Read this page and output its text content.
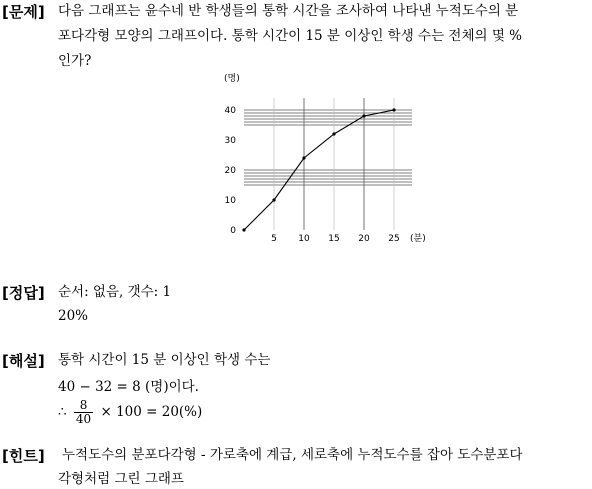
[문제] 다음 그래프는 윤수네 반 학생들의 통학 시간을 조사하여 나타낸 누적도수의 분
포다각형 모양의 그래프이다. 통학 시간이 15 분 이상인 학생 수는 전체의 몇 %
인가?
5 10 15 20 25
0
10
20
30
40
(명)
(분)
[정답] 순서: 없음, 갯수: 1
20%
[해설] 통학 시간이 15 분 이상인 학생 수는
40 − 32 = 8 (명)이다.
∴ $\frac{8}{40} \times 100 = 20(\%)$
[힌트] 누적도수의 분포다각형 - 가로축에 계급, 세로축에 누적도수를 잡아 도수분포다
각형처럼 그린 그래프
